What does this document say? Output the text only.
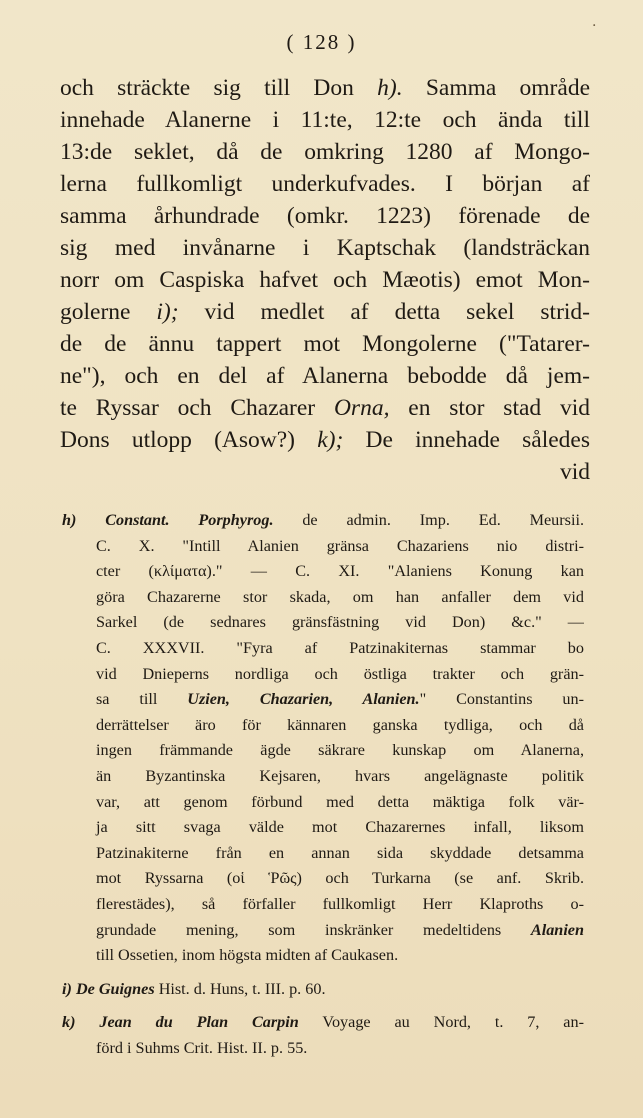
·
( 128 )
och sträckte sig till Don h). Samma område
innehade Alanerne i 11:te, 12:te och ända till
13:de seklet, då de omkring 1280 af Mongo-
lerna fullkomligt underkufvades. I början af
samma århundrade (omkr. 1223) förenade de
sig med invånarne i Kaptschak (landsträckan
norr om Caspiska hafvet och Mæotis) emot Mon-
golerne i); vid medlet af detta sekel strid-
de de ännu tappert mot Mongolerne ("Tatarer-
ne"), och en del af Alanerna bebodde då jem-
te Ryssar och Chazarer Orna, en stor stad vid
Dons utlopp (Asow?) k); De innehade således
vid
h) Constant. Porphyrog. de admin. Imp. Ed. Meursii.
C. X. "Intill Alanien gränsa Chazariens nio distri-
cter (κλίματα)." — C. XI. "Alaniens Konung kan
göra Chazarerne stor skada, om han anfaller dem vid
Sarkel (de sednares gränsfästning vid Don) &c." —
C. XXXVII. "Fyra af Patzinakiternas stammar bo
vid Dnieperns nordliga och östliga trakter och grän-
sa till Uzien, Chazarien, Alanien." Constantins un-
derrättelser äro för kännaren ganska tydliga, och då
ingen främmande ägde säkrare kunskap om Alanerna,
än Byzantinska Kejsaren, hvars angelägnaste politik
var, att genom förbund med detta mäktiga folk vär-
ja sitt svaga välde mot Chazarernes infall, liksom
Patzinakiterne från en annan sida skyddade detsamma
mot Ryssarna (οἱ Ῥῶς) och Turkarna (se anf. Skrib.
flerestädes), så förfaller fullkomligt Herr Klaproths o-
grundade mening, som inskränker medeltidens Alanien
till Ossetien, inom högsta midten af Caukasen.
i) De Guignes Hist. d. Huns, t. III. p. 60.
k) Jean du Plan Carpin Voyage au Nord, t. 7, an-
förd i Suhms Crit. Hist. II. p. 55.
